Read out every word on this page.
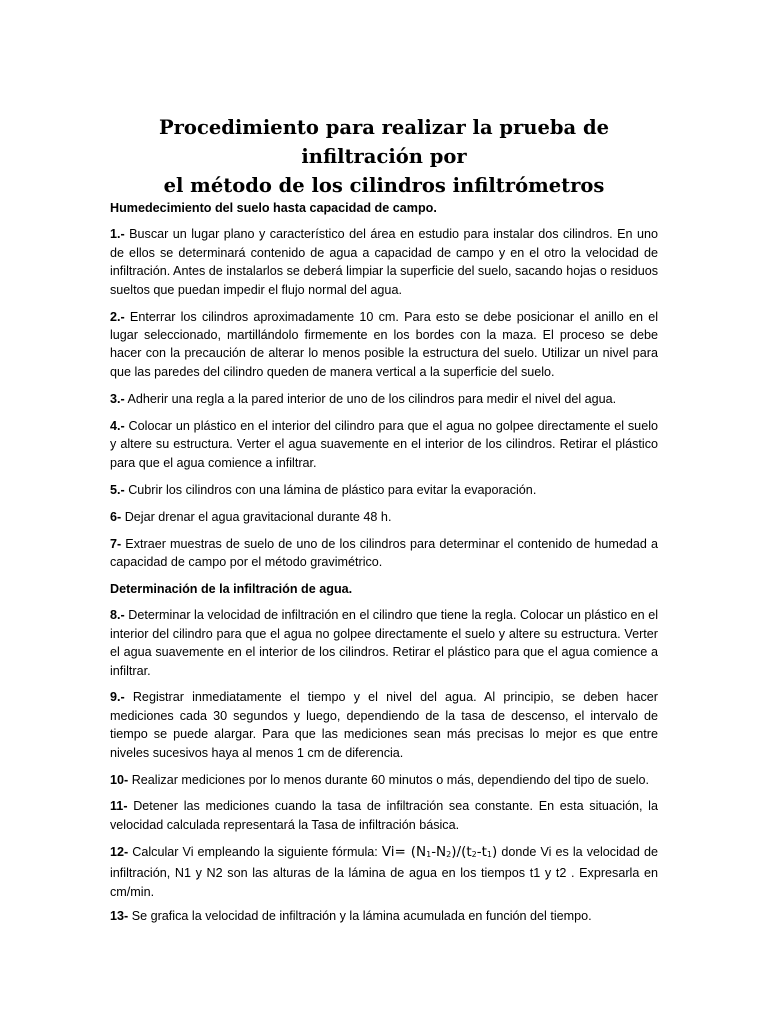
Procedimiento para realizar la prueba de infiltración por
el método de los cilindros infiltrómetros

Humedecimiento del suelo hasta capacidad de campo.

1.- Buscar un lugar plano y característico del área en estudio para instalar dos cilindros. En uno de ellos se determinará contenido de agua a capacidad de campo y en el otro la velocidad de infiltración. Antes de instalarlos se deberá limpiar la superficie del suelo, sacando hojas o residuos sueltos que puedan impedir el flujo normal del agua.

2.- Enterrar los cilindros aproximadamente 10 cm. Para esto se debe posicionar el anillo en el lugar seleccionado, martillándolo firmemente en los bordes con la maza. El proceso se debe hacer con la precaución de alterar lo menos posible la estructura del suelo. Utilizar un nivel para que las paredes del cilindro queden de manera vertical a la superficie del suelo.

3.- Adherir una regla a la pared interior de uno de los cilindros para medir el nivel del agua.

4.- Colocar un plástico en el interior del cilindro para que el agua no golpee directamente el suelo y altere su estructura. Verter el agua suavemente en el interior de los cilindros. Retirar el plástico para que el agua comience a infiltrar.

5.- Cubrir los cilindros con una lámina de plástico para evitar la evaporación.

6- Dejar drenar el agua gravitacional durante 48 h.

7- Extraer muestras de suelo de uno de los cilindros para determinar el contenido de humedad a capacidad de campo por el método gravimétrico.

Determinación de la infiltración de agua.

8.- Determinar la velocidad de infiltración en el cilindro que tiene la regla. Colocar un plástico en el interior del cilindro para que el agua no golpee directamente el suelo y altere su estructura. Verter el agua suavemente en el interior de los cilindros. Retirar el plástico para que el agua comience a infiltrar.

9.- Registrar inmediatamente el tiempo y el nivel del agua. Al principio, se deben hacer mediciones cada 30 segundos y luego, dependiendo de la tasa de descenso, el intervalo de tiempo se puede alargar. Para que las mediciones sean más precisas lo mejor es que entre niveles sucesivos haya al menos 1 cm de diferencia.

10- Realizar mediciones por lo menos durante 60 minutos o más, dependiendo del tipo de suelo.

11- Detener las mediciones cuando la tasa de infiltración sea constante. En esta situación, la velocidad calculada representará la Tasa de infiltración básica.

12- Calcular Vi empleando la siguiente fórmula: $Vi= (N_1-N_2)/(t_2-t_1)$ donde Vi es la velocidad de infiltración, N1 y N2 son las alturas de la lámina de agua en los tiempos t1 y t2 . Expresarla en cm/min.

13- Se grafica la velocidad de infiltración y la lámina acumulada en función del tiempo.
